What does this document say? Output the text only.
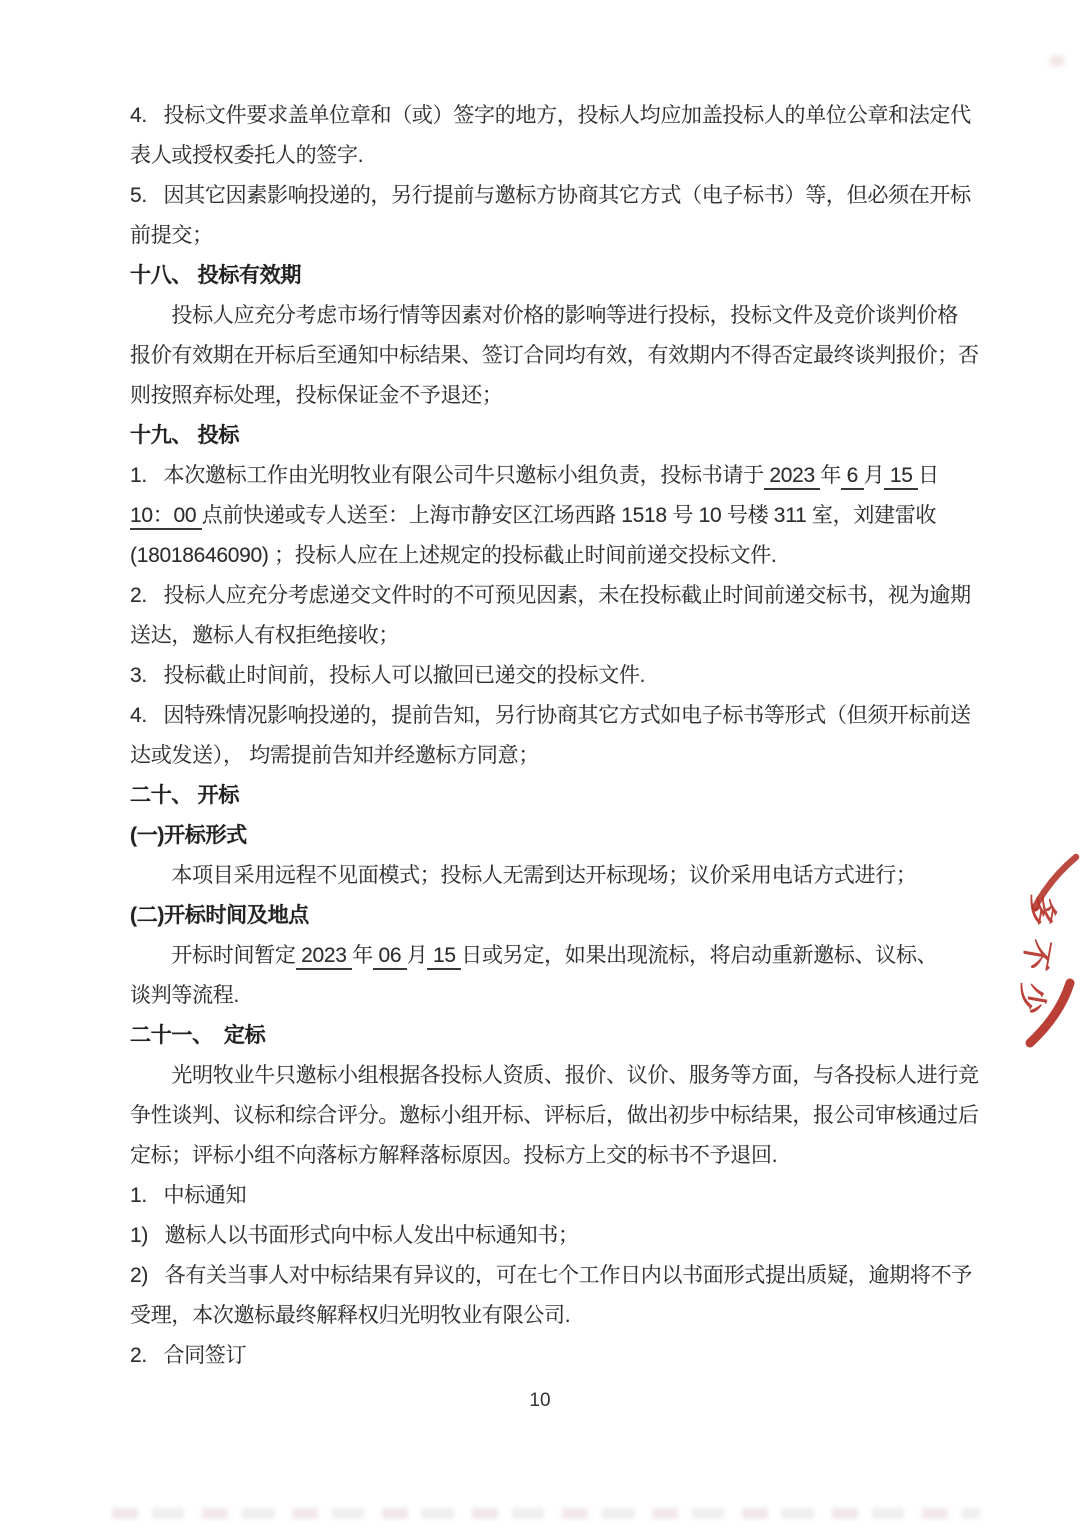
4.   投标文件要求盖单位章和（或）签字的地方，投标人均应加盖投标人的单位公章和法定代
表人或授权委托人的签字.
5.   因其它因素影响投递的，另行提前与邀标方协商其它方式（电子标书）等，但必须在开标
前提交；
十八、 投标有效期
　　投标人应充分考虑市场行情等因素对价格的影响等进行投标，投标文件及竞价谈判价格
报价有效期在开标后至通知中标结果、签订合同均有效，有效期内不得否定最终谈判报价；否
则按照弃标处理，投标保证金不予退还；
十九、 投标
1.   本次邀标工作由光明牧业有限公司牛只邀标小组负责，投标书请于 2023 年 6 月 15 日
10：00 点前快递或专人送至：上海市静安区江场西路 1518 号 10 号楼 311 室，刘建雷收
(18018646090) ；投标人应在上述规定的投标截止时间前递交投标文件.
2.   投标人应充分考虑递交文件时的不可预见因素，未在投标截止时间前递交标书，视为逾期
送达，邀标人有权拒绝接收；
3.   投标截止时间前，投标人可以撤回已递交的投标文件.
4.   因特殊情况影响投递的，提前告知，另行协商其它方式如电子标书等形式（但须开标前送
达或发送）， 均需提前告知并经邀标方同意；
二十、 开标
(一)开标形式
　　本项目采用远程不见面模式；投标人无需到达开标现场；议价采用电话方式进行；
(二)开标时间及地点
　　开标时间暂定 2023 年 06 月 15 日或另定，如果出现流标，将启动重新邀标、议标、
谈判等流程.
二十一、  定标
　　光明牧业牛只邀标小组根据各投标人资质、报价、议价、服务等方面，与各投标人进行竞
争性谈判、议标和综合评分。邀标小组开标、评标后，做出初步中标结果，报公司审核通过后
定标；评标小组不向落标方解释落标原因。投标方上交的标书不予退回.
1.   中标通知
1)   邀标人以书面形式向中标人发出中标通知书；
2)   各有关当事人对中标结果有异议的，可在七个工作日内以书面形式提出质疑，逾期将不予
受理，本次邀标最终解释权归光明牧业有限公司.
2.   合同签订
10
多
不
少
